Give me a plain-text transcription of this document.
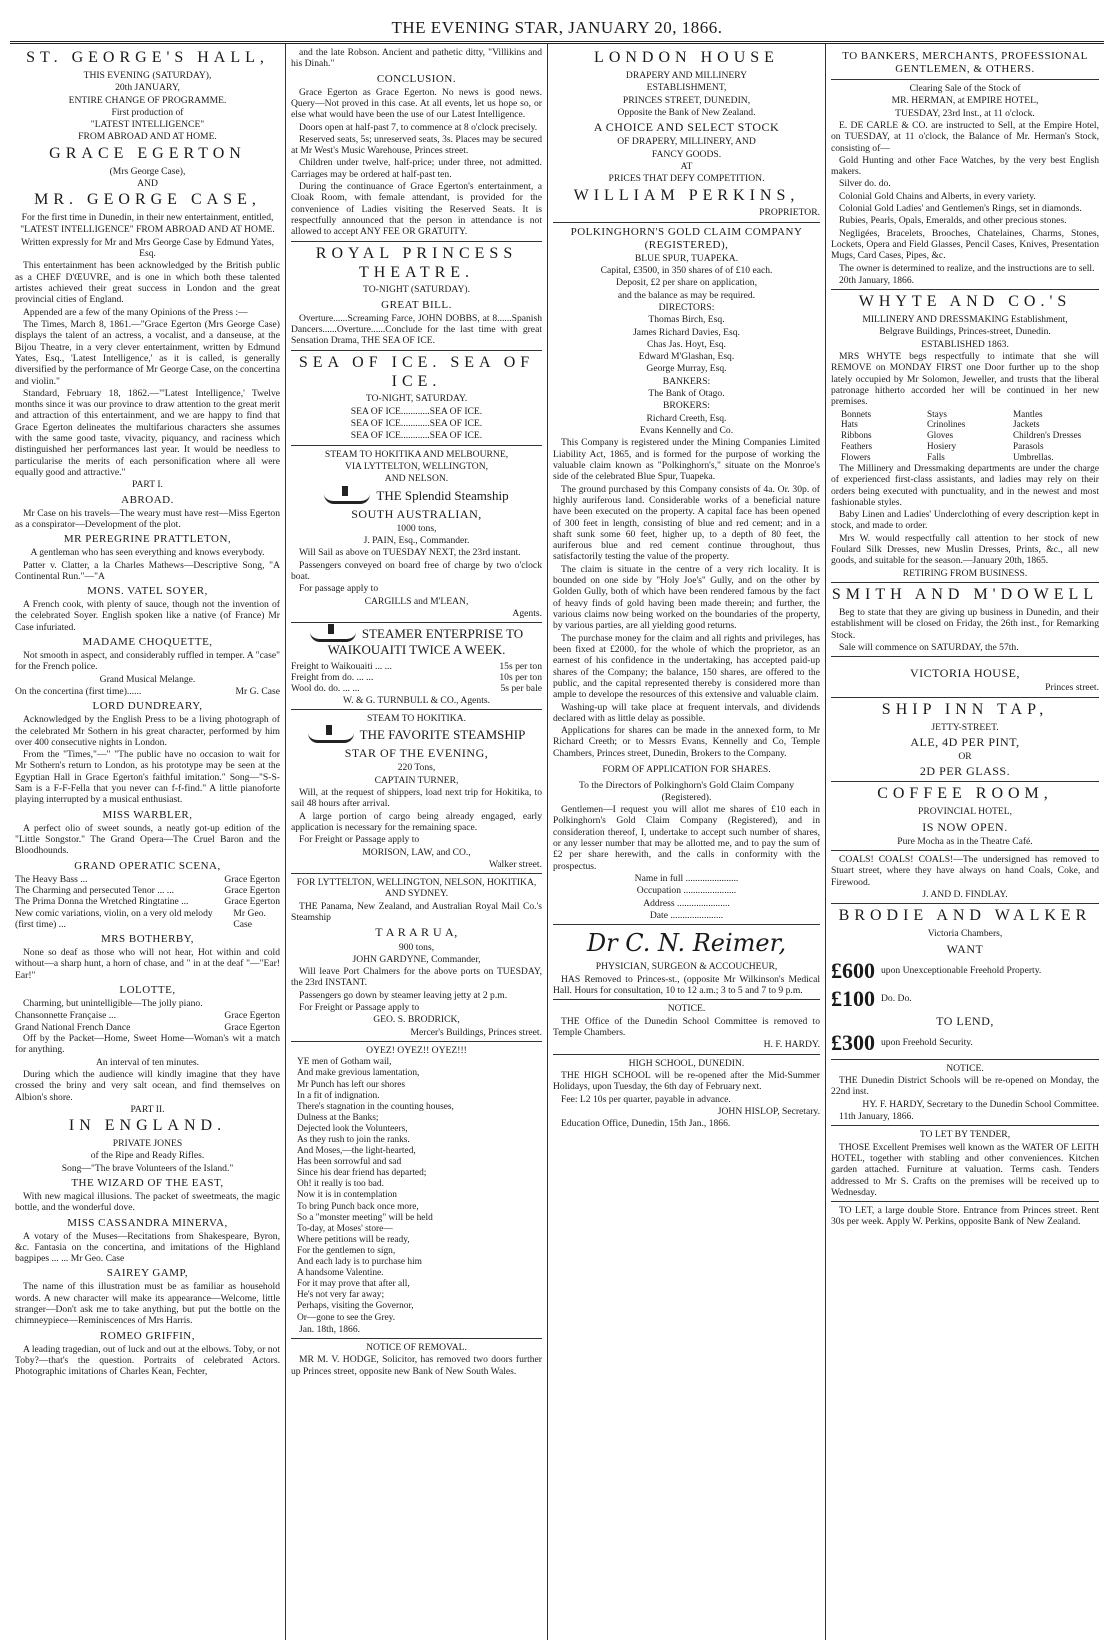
THE EVENING STAR, JANUARY 20, 1866.
ST. GEORGE'S HALL,

THIS EVENING (SATURDAY),

20th JANUARY,

ENTIRE CHANGE OF PROGRAMME.

First production of

"LATEST INTELLIGENCE"

FROM ABROAD AND AT HOME.

GRACE EGERTON

(Mrs George Case),

AND

MR. GEORGE CASE,

For the first time in Dunedin, in their new entertainment, entitled,

"LATEST INTELLIGENCE" FROM ABROAD AND AT HOME.

Written expressly for Mr and Mrs George Case by Edmund Yates, Esq.

This entertainment has been acknowledged by the British public as a CHEF D'ŒUVRE, and is one in which both these talented artistes achieved their great success in London and the great provincial cities of England.

Appended are a few of the many Opinions of the Press :—

The Times, March 8, 1861.—"Grace Egerton (Mrs George Case) displays the talent of an actress, a vocalist, and a danseuse, at the Bijou Theatre, in a very clever entertainment, written by Edmund Yates, Esq., 'Latest Intelligence,' as it is called, is generally diversified by the performance of Mr George Case, on the concertina and violin."

Standard, February 18, 1862.—"'Latest Intelligence,' Twelve months since it was our province to draw attention to the great merit and attraction of this entertainment, and we are happy to find that Grace Egerton delineates the multifarious characters she assumes with the same good taste, vivacity, piquancy, and raciness which distinguished her performances last year. It would be needless to particularise the merits of each personification where all were equally good and attractive."

PART I.

ABROAD.

Mr Case on his travels—The weary must have rest—Miss Egerton as a conspirator—Development of the plot.

MR PEREGRINE PRATTLETON,

A gentleman who has seen everything and knows everybody.

Patter v. Clatter, a la Charles Mathews—Descriptive Song, "A Continental Run."—"A

MONS. VATEL SOYER,

A French cook, with plenty of sauce, though not the invention of the celebrated Soyer. English spoken like a native (of France) Mr Case infuriated.

MADAME CHOQUETTE,

Not smooth in aspect, and considerably ruffled in temper. A "case" for the French police.

Grand Musical Melange.

On the concertina (first time)......	Mr G. Case
LORD DUNDREARY,

Acknowledged by the English Press to be a living photograph of the celebrated Mr Sothern in his great character, performed by him over 400 consecutive nights in London.

From the "Times,"—" "The public have no occasion to wait for Mr Sothern's return to London, as his prototype may be seen at the Egyptian Hall in Grace Egerton's faithful imitation." Song—"S-S-Sam is a F-F-Fella that you never can f-f-find." A little pianoforte playing interrupted by a musical enthusiast.

MISS WARBLER,

A perfect olio of sweet sounds, a neatly got-up edition of the "Little Songstor." The Grand Opera—The Cruel Baron and the Bloodhounds.

GRAND OPERATIC SCENA,
The Heavy Bass ...	Grace Egerton
The Charming and persecuted Tenor ... ...	Grace Egerton
The Prima Donna the Wretched Ringtatine ...	Grace Egerton
New comic variations, violin, on a very old melody (first time) ...
Mr Geo. Case
MRS BOTHERBY,

None so deaf as those who will not hear, Hot within and cold without—a sharp hunt, a horn of chase, and " in at the deaf "—"Ear! Ear!"

LOLOTTE,

Charming, but unintelligible—The jolly piano.

Chansonnette Française ...	Grace Egerton
Grand National French Dance	Grace Egerton

Off by the Packet—Home, Sweet Home—Woman's wit a match for anything.

An interval of ten minutes.

During which the audience will kindly imagine that they have crossed the briny and very salt ocean, and find themselves on Albion's shore.

PART II.

IN ENGLAND.

PRIVATE JONES

of the Ripe and Ready Rifles.

Song—"The brave Volunteers of the Island."

THE WIZARD OF THE EAST,

With new magical illusions. The packet of sweetmeats, the magic bottle, and the wonderful dove.

MISS CASSANDRA MINERVA,

A votary of the Muses—Recitations from Shakespeare, Byron, &c. Fantasia on the concertina, and imitations of the Highland bagpipes ... ... Mr Geo. Case

SAIREY GAMP,

The name of this illustration must be as familiar as household words. A new character will make its appearance—Welcome, little stranger—Don't ask me to take anything, but put the bottle on the chimneypiece—Reminiscences of Mrs Harris.

ROMEO GRIFFIN,

A leading tragedian, out of luck and out at the elbows. Toby, or not Toby?—that's the question. Portraits of celebrated Actors. Photographic imitations of Charles Kean, Fechter,

and the late Robson. Ancient and pathetic ditty, "Villikins and his Dinah."

CONCLUSION.

Grace Egerton as Grace Egerton. No news is good news. Query—Not proved in this case. At all events, let us hope so, or else what would have been the use of our Latest Intelligence.

Doors open at half-past 7, to commence at 8 o'clock precisely.

Reserved seats, 5s; unreserved seats, 3s. Places may be secured at Mr West's Music Warehouse, Princes street.

Children under twelve, half-price; under three, not admitted. Carriages may be ordered at half-past ten.

During the continuance of Grace Egerton's entertainment, a Cloak Room, with female attendant, is provided for the convenience of Ladies visiting the Reserved Seats. It is respectfully announced that the person in attendance is not allowed to accept ANY FEE OR GRATUITY.

ROYAL PRINCESS THEATRE.

TO-NIGHT (SATURDAY).

GREAT BILL.

Overture......Screaming Farce, JOHN DOBBS, at 8......Spanish Dancers......Overture......Conclude for the last time with great Sensation Drama, THE SEA OF ICE.

SEA OF ICE. SEA OF ICE.

TO-NIGHT, SATURDAY.

SEA OF ICE............SEA OF ICE.

SEA OF ICE............SEA OF ICE.

SEA OF ICE............SEA OF ICE.

STEAM TO HOKITIKA AND MELBOURNE,

VIA LYTTELTON, WELLINGTON,

AND NELSON.

THE Splendid Steamship
SOUTH AUSTRALIAN,

1000 tons,

J. PAIN, Esq., Commander.

Will Sail as above on TUESDAY NEXT, the 23rd instant.

Passengers conveyed on board free of charge by two o'clock boat.

For passage apply to

CARGILLS and M'LEAN,

Agents.

STEAMER ENTERPRISE TO WAIKOUAITI TWICE A WEEK.
Freight to Waikouaiti ... ...	15s per ton
Freight from do. ... ...	10s per ton
Wool do. do. ... ...	5s per bale

W. & G. TURNBULL & CO., Agents.

STEAM TO HOKITIKA.

THE FAVORITE STEAMSHIP
STAR OF THE EVENING,

220 Tons,

CAPTAIN TURNER,

Will, at the request of shippers, load next trip for Hokitika, to sail 48 hours after arrival.

A large portion of cargo being already engaged, early application is necessary for the remaining space.

For Freight or Passage apply to

MORISON, LAW, and CO.,

Walker street.

FOR LYTTELTON, WELLINGTON, NELSON, HOKITIKA, AND SYDNEY.

THE Panama, New Zealand, and Australian Royal Mail Co.'s Steamship

T A R A R U A,

900 tons,

JOHN GARDYNE, Commander,

Will leave Port Chalmers for the above ports on TUESDAY, the 23rd INSTANT.

Passengers go down by steamer leaving jetty at 2 p.m.

For Freight or Passage apply to

GEO. S. BRODRICK,

Mercer's Buildings, Princes street.

OYEZ! OYEZ!! OYEZ!!!

YE men of Gotham wail,
And make grevious lamentation,
Mr Punch has left our shores
In a fit of indignation.
There's stagnation in the counting houses,
Dulness at the Banks;
Dejected look the Volunteers,
As they rush to join the ranks.
And Moses,—the light-hearted,
Has been sorrowful and sad
Since his dear friend has departed;
Oh! it really is too bad.
Now it is in contemplation
To bring Punch back once more,
So a "monster meeting" will be held
To-day, at Moses' store—
Where petitions will be ready,
For the gentlemen to sign,
And each lady is to purchase him
A handsome Valentine.
For it may prove that after all,
He's not very far away;
Perhaps, visiting the Governor,
Or—gone to see the Grey.

Jan. 18th, 1866.

NOTICE OF REMOVAL.

MR M. V. HODGE, Solicitor, has removed two doors further up Princes street, opposite new Bank of New South Wales.

LONDON HOUSE

DRAPERY AND MILLINERY

ESTABLISHMENT,

PRINCES STREET, DUNEDIN,

Opposite the Bank of New Zealand.

A CHOICE AND SELECT STOCK

OF DRAPERY, MILLINERY, AND

FANCY GOODS.

AT

PRICES THAT DEFY COMPETITION.

WILLIAM PERKINS,

PROPRIETOR.

POLKINGHORN'S GOLD CLAIM COMPANY (REGISTERED),

BLUE SPUR, TUAPEKA.

Capital, £3500, in 350 shares of of £10 each.

Deposit, £2 per share on application,

and the balance as may be required.

DIRECTORS:

Thomas Birch, Esq.

James Richard Davies, Esq.

Chas Jas. Hoyt, Esq.

Edward M'Glashan, Esq.

George Murray, Esq.

BANKERS:

The Bank of Otago.

BROKERS:

Richard Creeth, Esq.

Evans Kennelly and Co.

This Company is registered under the Mining Companies Limited Liability Act, 1865, and is formed for the purpose of working the valuable claim known as "Polkinghorn's," situate on the Monroe's side of the celebrated Blue Spur, Tuapeka.

The ground purchased by this Company consists of 4a. Or. 30p. of highly auriferous land. Considerable works of a beneficial nature have been executed on the property. A capital face has been opened of 300 feet in length, consisting of blue and red cement; and in a shaft sunk some 60 feet, higher up, to a depth of 80 feet, the auriferous blue and red cement continue throughout, thus satisfactorily testing the value of the property.

The claim is situate in the centre of a very rich locality. It is bounded on one side by "Holy Joe's" Gully, and on the other by Golden Gully, both of which have been rendered famous by the fact of heavy finds of gold having been made therein; and further, the various claims now being worked on the boundaries of the property, by various parties, are all yielding good returns.

The purchase money for the claim and all rights and privileges, has been fixed at £2000, for the whole of which the proprietor, as an earnest of his confidence in the undertaking, has accepted paid-up shares of the Company; the balance, 150 shares, are offered to the public, and the capital represented thereby is considered more than ample to develope the resources of this extensive and valuable claim.

Washing-up will take place at frequent intervals, and dividends declared with as little delay as possible.

Applications for shares can be made in the annexed form, to Mr Richard Creeth; or to Messrs Evans, Kennelly and Co, Temple Chambers, Princes street, Dunedin, Brokers to the Company.

FORM OF APPLICATION FOR SHARES.

To the Directors of Polkinghorn's Gold Claim Company (Registered).

Gentlemen—I request you will allot me shares of £10 each in Polkinghorn's Gold Claim Company (Registered), and in consideration thereof, I, undertake to accept such number of shares, or any lesser number that may be allotted me, and to pay the sum of £2 per share herewith, and the calls in conformity with the prospectus.

Name in full ......................

Occupation ......................

Address ......................

Date ......................

Dr C. N. Reimer,

PHYSICIAN, SURGEON & ACCOUCHEUR,

HAS Removed to Princes-st., (opposite Mr Wilkinson's Medical Hall. Hours for consultation, 10 to 12 a.m.; 3 to 5 and 7 to 9 p.m.

NOTICE.

THE Office of the Dunedin School Committee is removed to Temple Chambers.

H. F. HARDY.

HIGH SCHOOL, DUNEDIN.

THE HIGH SCHOOL will be re-opened after the Mid-Summer Holidays, upon Tuesday, the 6th day of February next.

Fee: L2 10s per quarter, payable in advance.

JOHN HISLOP, Secretary.

Education Office, Dunedin, 15th Jan., 1866.

TO BANKERS, MERCHANTS, PROFESSIONAL GENTLEMEN, & OTHERS.

Clearing Sale of the Stock of

MR. HERMAN, at EMPIRE HOTEL,

TUESDAY, 23rd Inst., at 11 o'clock.

E. DE CARLE & CO. are instructed to Sell, at the Empire Hotel, on TUESDAY, at 11 o'clock, the Balance of Mr. Herman's Stock, consisting of—

Gold Hunting and other Face Watches, by the very best English makers.

Silver do. do.

Colonial Gold Chains and Alberts, in every variety.

Colonial Gold Ladies' and Gentlemen's Rings, set in diamonds.

Rubies, Pearls, Opals, Emeralds, and other precious stones.

Negligées, Bracelets, Brooches, Chatelaines, Charms, Stones, Lockets, Opera and Field Glasses, Pencil Cases, Knives, Presentation Mugs, Card Cases, Pipes, &c.

The owner is determined to realize, and the instructions are to sell.

20th January, 1866.

WHYTE AND CO.'S

MILLINERY AND DRESSMAKING Establishment,

Belgrave Buildings, Princes-street, Dunedin.

ESTABLISHED 1863.

MRS WHYTE begs respectfully to intimate that she will REMOVE on MONDAY FIRST one Door further up to the shop lately occupied by Mr Solomon, Jeweller, and trusts that the liberal patronage hitherto accorded her will be continued in her new premises.

Bonnets	Stays	Mantles
Hats	Crinolines	Jackets
Ribbons	Gloves	Children's Dresses
Feathers	Hosiery	Parasols
Flowers	Falls	Umbrellas.

The Millinery and Dressmaking departments are under the charge of experienced first-class assistants, and ladies may rely on their orders being executed with punctuality, and in the newest and most fashionable styles.

Baby Linen and Ladies' Underclothing of every description kept in stock, and made to order.

Mrs W. would respectfully call attention to her stock of new Foulard Silk Dresses, new Muslin Dresses, Prints, &c., all new goods, and suitable for the season.—January 20th, 1865.

RETIRING FROM BUSINESS.

SMITH AND M'DOWELL

Beg to state that they are giving up business in Dunedin, and their establishment will be closed on Friday, the 26th inst., for Remarking Stock.

Sale will commence on SATURDAY, the 57th.

VICTORIA HOUSE,

Princes street.

SHIP INN TAP,

JETTY-STREET.

ALE, 4D PER PINT,

OR

2D PER GLASS.
COFFEE ROOM,

PROVINCIAL HOTEL,

IS NOW OPEN.

Pure Mocha as in the Theatre Café.

COALS! COALS! COALS!—The undersigned has removed to Stuart street, where they have always on hand Coals, Coke, and Firewood.

J. AND D. FINDLAY.

BRODIE AND WALKER

Victoria Chambers,

WANT
£600 upon Unexceptionable Freehold Property.
£100 Do. Do.
TO LEND,
£300 upon Freehold Security.

NOTICE.

THE Dunedin District Schools will be re-opened on Monday, the 22nd inst.

HY. F. HARDY, Secretary to the Dunedin School Committee.

11th January, 1866.

TO LET BY TENDER,

THOSE Excellent Premises well known as the WATER OF LEITH HOTEL, together with stabling and other conveniences. Kitchen garden attached. Furniture at valuation. Terms cash. Tenders addressed to Mr S. Crafts on the premises will be received up to Wednesday.

TO LET, a large double Store. Entrance from Princes street. Rent 30s per week. Apply W. Perkins, opposite Bank of New Zealand.
